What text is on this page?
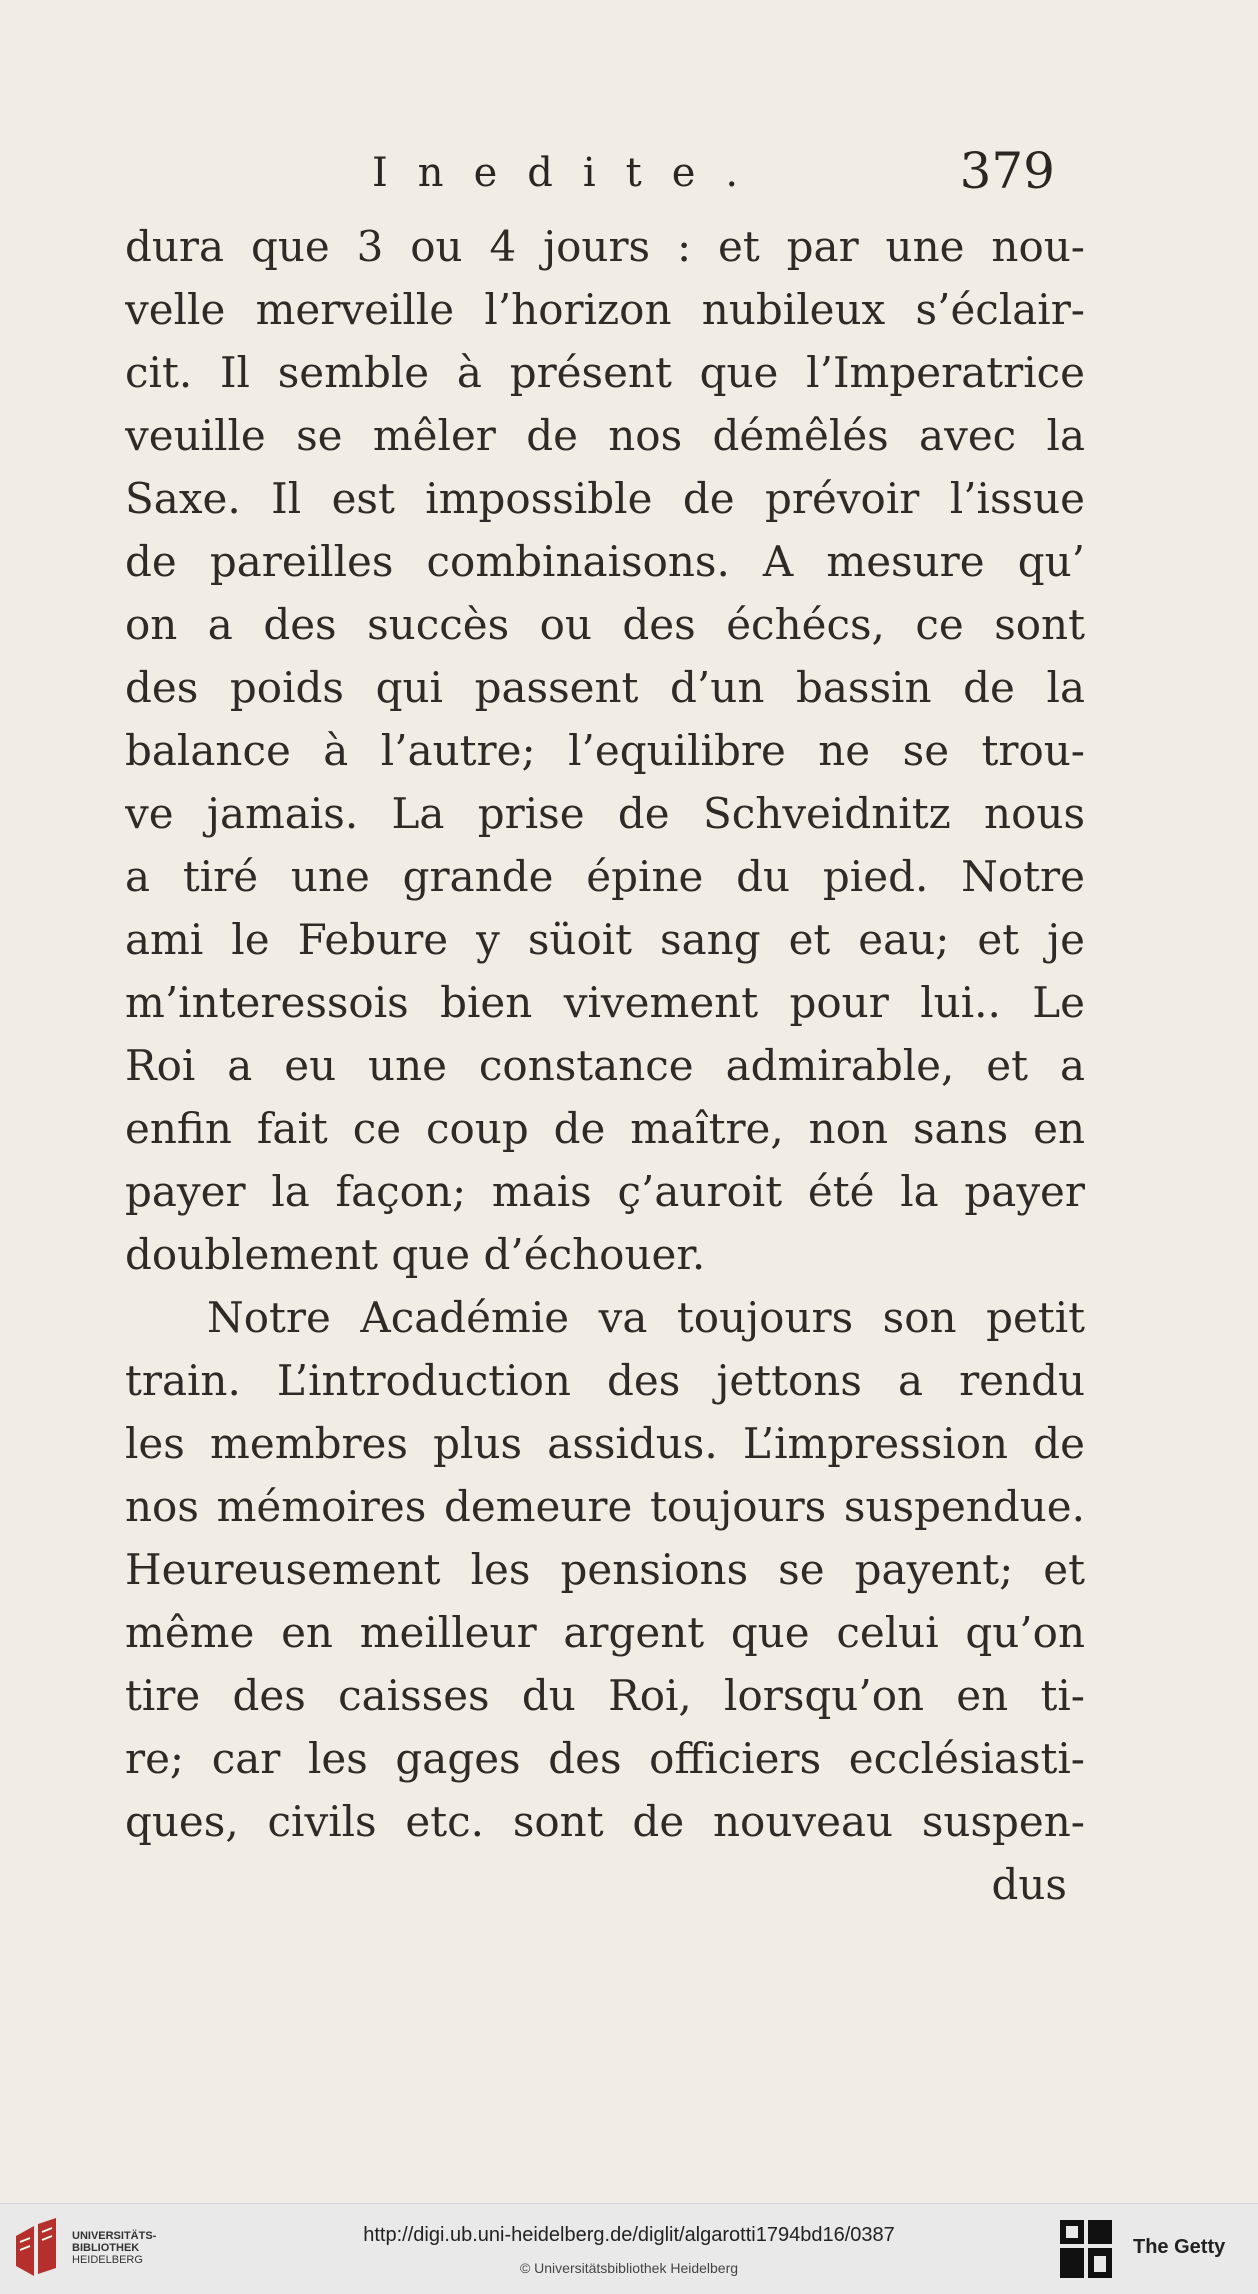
Inedite.	379
dura que 3 ou 4 jours : et par une nou-
velle merveille l’horizon nubileux s’éclair-
cit. Il semble à présent que l’Imperatrice
veuille se mêler de nos démêlés avec la
Saxe. Il est impossible de prévoir l’issue
de pareilles combinaisons. A mesure qu’
on a des succès ou des échécs, ce sont
des poids qui passent d’un bassin de la
balance à l’autre; l’equilibre ne se trou-
ve jamais. La prise de Schveidnitz nous
a tiré une grande épine du pied. Notre
ami le Febure y süoit sang et eau; et je
m’interessois bien vivement pour lui.. Le
Roi a eu une constance admirable, et a
enfin fait ce coup de maître, non sans en
payer la façon; mais ç’auroit été la payer
doublement que d’échouer.
Notre Académie va toujours son petit
train. L’introduction des jettons a rendu
les membres plus assidus. L’impression de
nos mémoires demeure toujours suspendue.
Heureusement les pensions se payent; et
même en meilleur argent que celui qu’on
tire des caisses du Roi, lorsqu’on en ti-
re; car les gages des officiers ecclésiasti-
ques, civils etc. sont de nouveau suspen-
dus
UNIVERSITÄTS-
BIBLIOTHEK
HEIDELBERG
http://digi.ub.uni-heidelberg.de/diglit/algarotti1794bd16/0387
© Universitätsbibliothek Heidelberg
The Getty
